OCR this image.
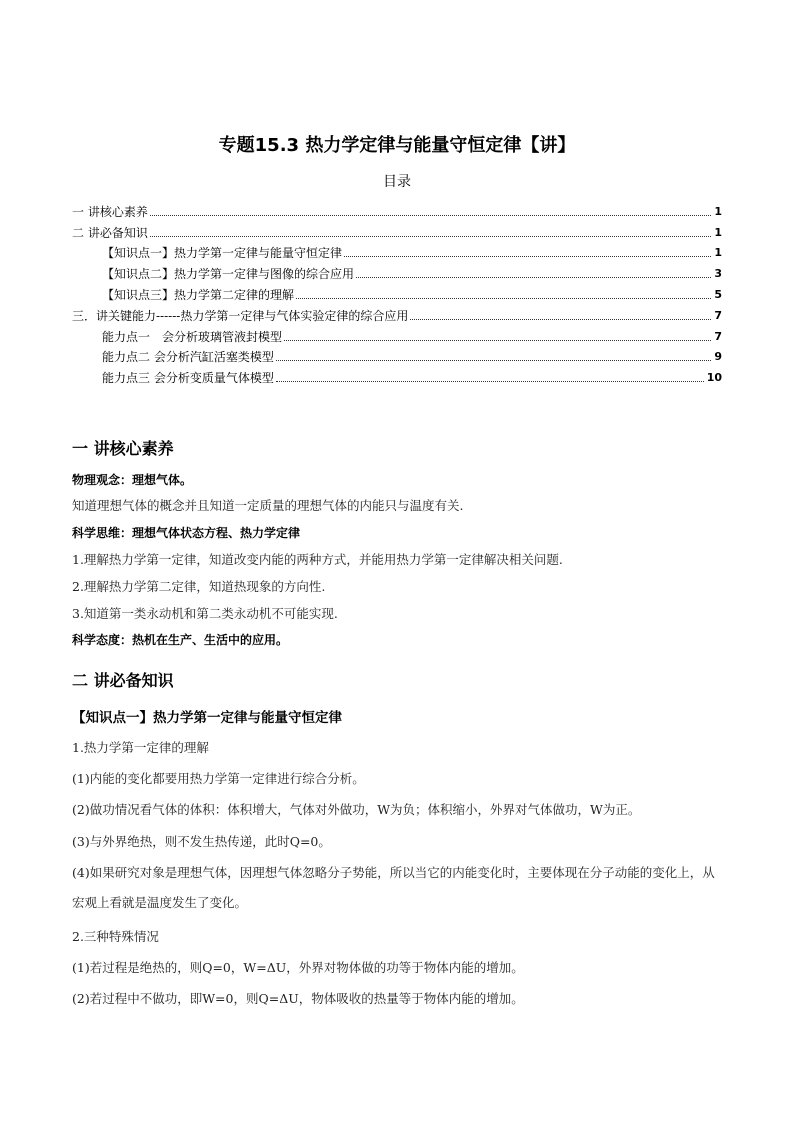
专题15.3 热力学定律与能量守恒定律【讲】
目录
一 讲核心素养	1
二 讲必备知识	1
【知识点一】热力学第一定律与能量守恒定律	1
【知识点二】热力学第一定律与图像的综合应用	3
【知识点三】热力学第二定律的理解	5
三．讲关键能力------热力学第一定律与气体实验定律的综合应用	7
能力点一　会分析玻璃管液封模型	7
能力点二 会分析汽缸活塞类模型	9
能力点三 会分析变质量气体模型	10
一 讲核心素养
物理观念：理想气体。
知道理想气体的概念并且知道一定质量的理想气体的内能只与温度有关.
科学思维：理想气体状态方程、热力学定律
1.理解热力学第一定律，知道改变内能的两种方式，并能用热力学第一定律解决相关问题.
2.理解热力学第二定律，知道热现象的方向性.
3.知道第一类永动机和第二类永动机不可能实现.
科学态度：热机在生产、生活中的应用。
二 讲必备知识
【知识点一】热力学第一定律与能量守恒定律
1.热力学第一定律的理解
(1)内能的变化都要用热力学第一定律进行综合分析。
(2)做功情况看气体的体积：体积增大，气体对外做功，W为负；体积缩小，外界对气体做功，W为正。
(3)与外界绝热，则不发生热传递，此时Q=0。
(4)如果研究对象是理想气体，因理想气体忽略分子势能，所以当它的内能变化时，主要体现在分子动能的变化上，从宏观上看就是温度发生了变化。
2.三种特殊情况
(1)若过程是绝热的，则Q=0，W=ΔU，外界对物体做的功等于物体内能的增加。
(2)若过程中不做功，即W=0，则Q=ΔU，物体吸收的热量等于物体内能的增加。
